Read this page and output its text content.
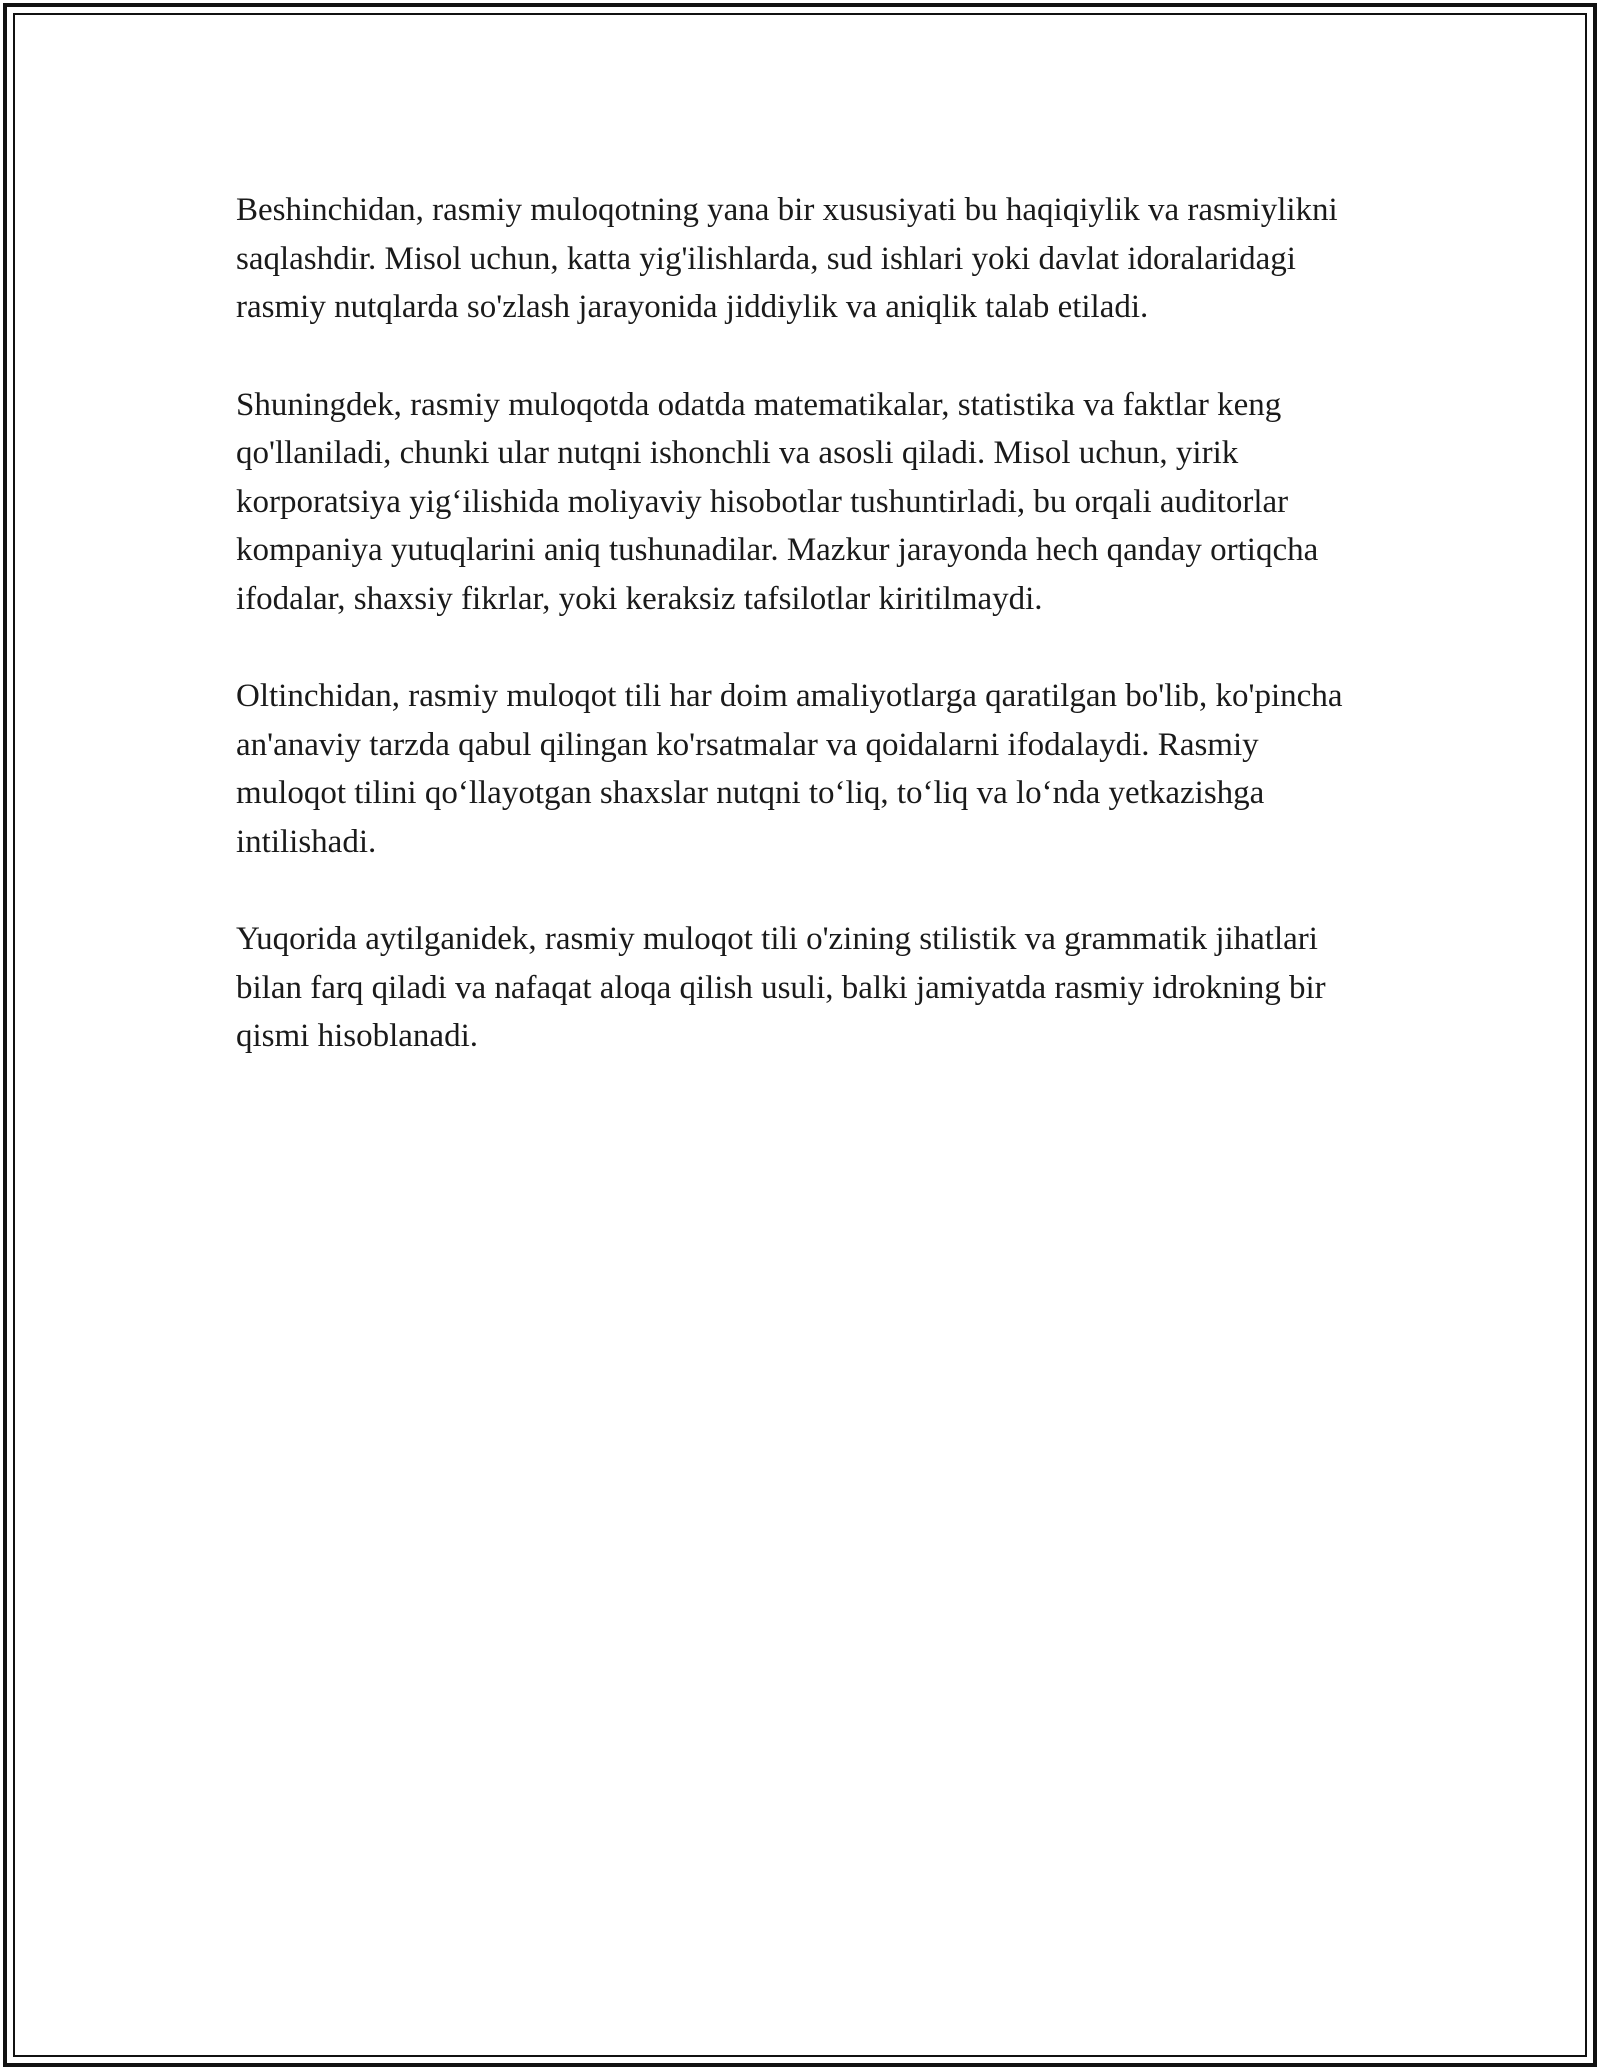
Beshinchidan, rasmiy muloqotning yana bir xususiyati bu haqiqiylik va rasmiylikni saqlashdir. Misol uchun, katta yig'ilishlarda, sud ishlari yoki davlat idoralaridagi rasmiy nutqlarda so'zlash jarayonida jiddiylik va aniqlik talab etiladi.

Shuningdek, rasmiy muloqotda odatda matematikalar, statistika va faktlar keng qo'llaniladi, chunki ular nutqni ishonchli va asosli qiladi. Misol uchun, yirik korporatsiya yig‘ilishida moliyaviy hisobotlar tushuntirladi, bu orqali auditorlar kompaniya yutuqlarini aniq tushunadilar. Mazkur jarayonda hech qanday ortiqcha ifodalar, shaxsiy fikrlar, yoki keraksiz tafsilotlar kiritilmaydi.

Oltinchidan, rasmiy muloqot tili har doim amaliyotlarga qaratilgan bo'lib, ko'pincha an'anaviy tarzda qabul qilingan ko'rsatmalar va qoidalarni ifodalaydi. Rasmiy muloqot tilini qo‘llayotgan shaxslar nutqni to‘liq, to‘liq va lo‘nda yetkazishga intilishadi.

Yuqorida aytilganidek, rasmiy muloqot tili o'zining stilistik va grammatik jihatlari bilan farq qiladi va nafaqat aloqa qilish usuli, balki jamiyatda rasmiy idrokning bir qismi hisoblanadi.
